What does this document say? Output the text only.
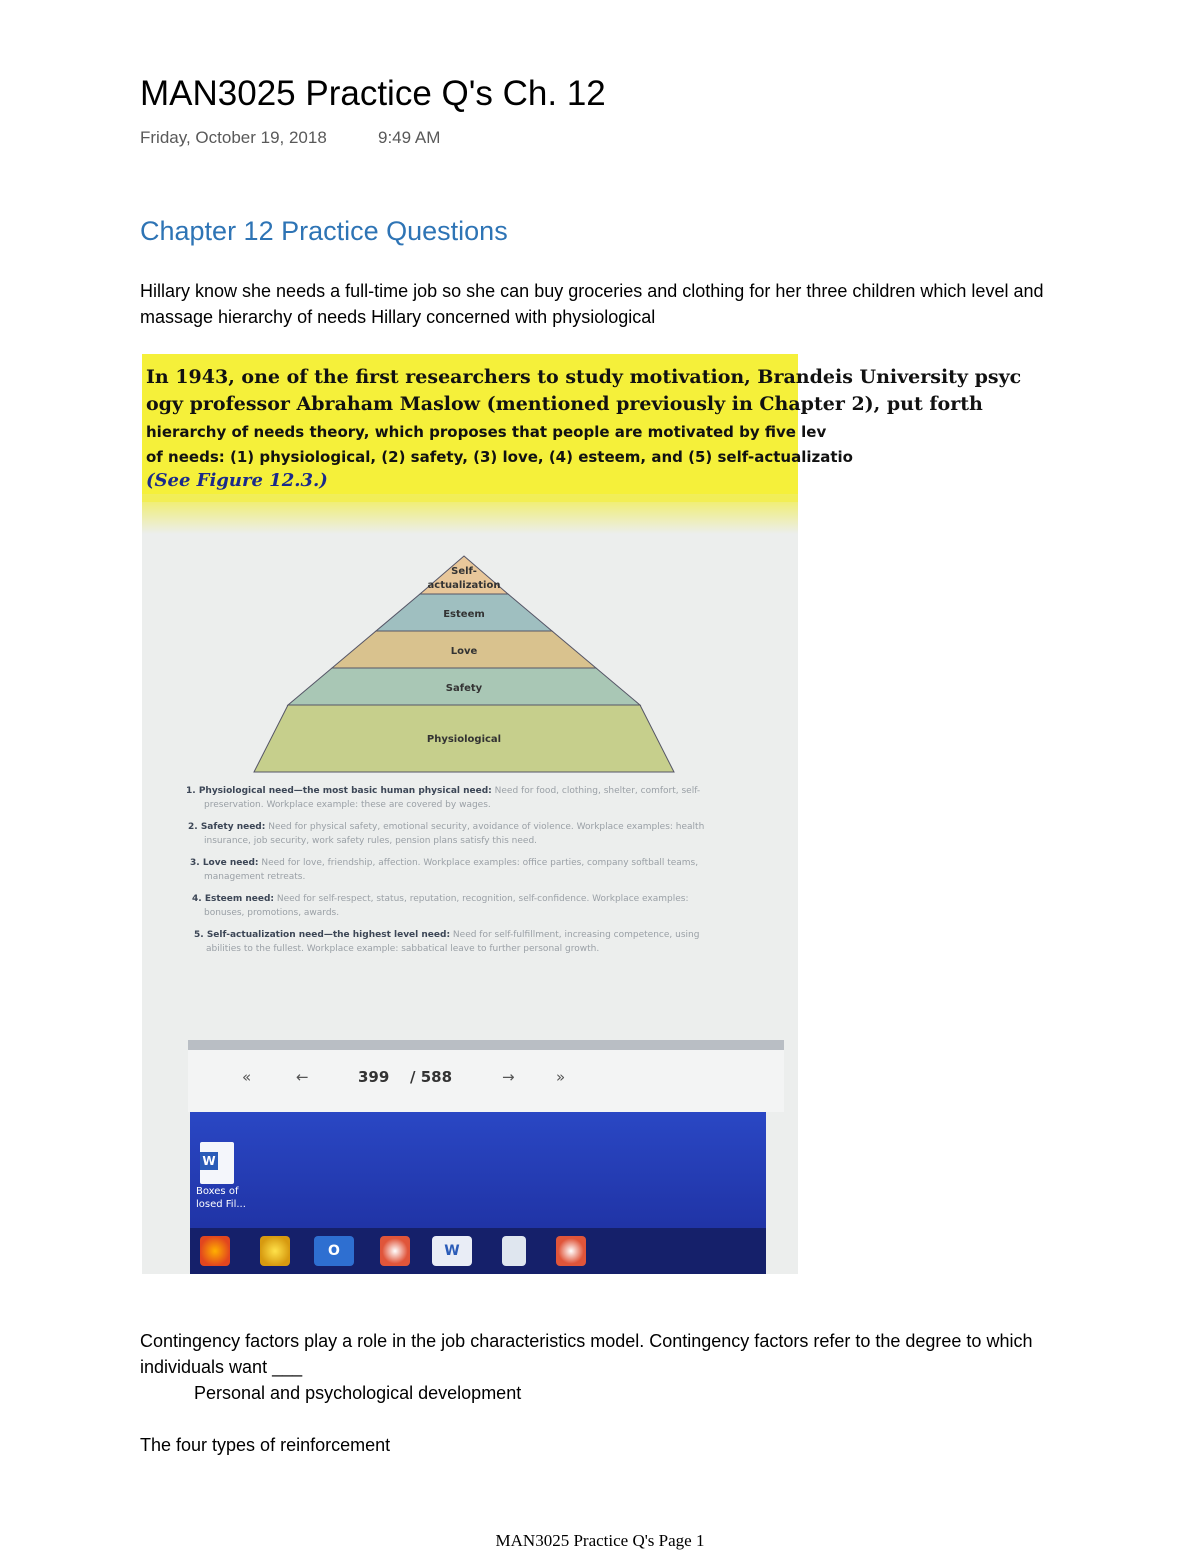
MAN3025 Practice Q's Ch. 12
Friday, October 19, 2018	9:49 AM
Chapter 12 Practice Questions
Hillary know she needs a full-time job so she can buy groceries and clothing for her three children which level and massage hierarchy of needs Hillary concerned with physiological
In 1943, one of the first researchers to study motivation, Brandeis University psyc
ogy professor Abraham Maslow (mentioned previously in Chapter 2), put forth
hierarchy of needs theory, which proposes that people are motivated by five lev
of needs: (1) physiological, (2) safety, (3) love, (4) esteem, and (5) self-actualizatio
(See Figure 12.3.)
Self-
actualization
Esteem
Love
Safety
Physiological
1. Physiological need—the most basic human physical need: Need for food, clothing, shelter, comfort, self-
preservation. Workplace example: these are covered by wages.
2. Safety need: Need for physical safety, emotional security, avoidance of violence. Workplace examples: health
insurance, job security, work safety rules, pension plans satisfy this need.
3. Love need: Need for love, friendship, affection. Workplace examples: office parties, company softball teams,
management retreats.
4. Esteem need: Need for self-respect, status, reputation, recognition, self-confidence. Workplace examples:
bonuses, promotions, awards.
5. Self-actualization need—the highest level need: Need for self-fulfillment, increasing competence, using
abilities to the fullest. Workplace example: sabbatical leave to further personal growth.
«	←	399 / 588	→	»
W
Boxes of
losed Fil...
O	W
Contingency factors play a role in the job characteristics model. Contingency factors refer to the degree to which individuals want ___
Personal and psychological development
The four types of reinforcement
MAN3025 Practice Q's Page 1
